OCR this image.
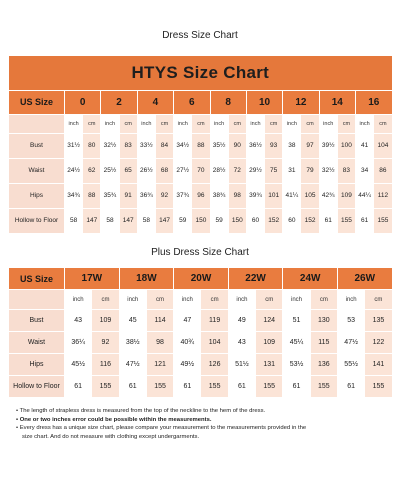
Dress Size Chart
HTYS Size Chart																		

US Size	0		2		4		6		8		10		12		14		16	
	inch	cm	inch	cm	inch	cm	inch	cm	inch	cm	inch	cm	inch	cm	inch	cm	inch	cm
Bust	31½	80	32½	83	33½	84	34½	88	35½	90	36½	93	38	97	39½	100	41	104
Waist	24½	62	25½	65	26½	68	27½	70	28½	72	29½	75	31	79	32½	83	34	86
Hips	34¾	88	35¾	91	36¾	92	37¾	96	38¾	98	39¾	101	41¼	105	42¾	109	44¼	112
Hollow to Floor	58	147	58	147	58	147	59	150	59	150	60	152	60	152	61	155	61	155
Plus Dress Size Chart
US Size	17W		18W		20W		22W		24W		26W	
	inch	cm	inch	cm	inch	cm	inch	cm	inch	cm	inch	cm
Bust	43	109	45	114	47	119	49	124	51	130	53	135
Waist	36¼	92	38½	98	40¾	104	43	109	45¼	115	47½	122
Hips	45½	116	47½	121	49½	126	51½	131	53½	136	55½	141
Hollow to Floor	61	155	61	155	61	155	61	155	61	155	61	155
• The length of strapless dress is measured from the top of the neckline to the hem of the dress.
• One or two inches error could be possible within the measurements.
• Every dress has a unique size chart, please compare your measurement to the measurements provided in the
size chart. And do not measure with clothing except undergarments.
